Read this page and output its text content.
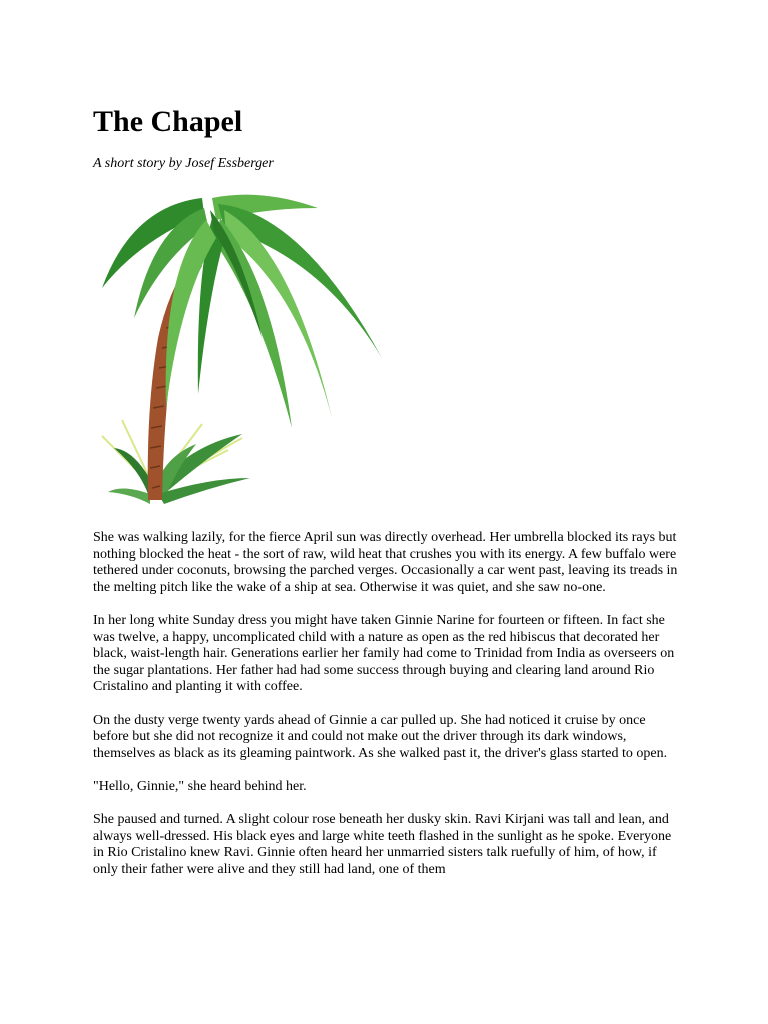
The Chapel
A short story by Josef Essberger

She was walking lazily, for the fierce April sun was directly overhead. Her umbrella blocked its rays but nothing blocked the heat - the sort of raw, wild heat that crushes you with its energy. A few buffalo were tethered under coconuts, browsing the parched verges. Occasionally a car went past, leaving its treads in the melting pitch like the wake of a ship at sea. Otherwise it was quiet, and she saw no-one.

In her long white Sunday dress you might have taken Ginnie Narine for fourteen or fifteen. In fact she was twelve, a happy, uncomplicated child with a nature as open as the red hibiscus that decorated her black, waist-length hair. Generations earlier her family had come to Trinidad from India as overseers on the sugar plantations. Her father had had some success through buying and clearing land around Rio Cristalino and planting it with coffee.

On the dusty verge twenty yards ahead of Ginnie a car pulled up. She had noticed it cruise by once before but she did not recognize it and could not make out the driver through its dark windows, themselves as black as its gleaming paintwork. As she walked past it, the driver's glass started to open.

"Hello, Ginnie," she heard behind her.

She paused and turned. A slight colour rose beneath her dusky skin. Ravi Kirjani was tall and lean, and always well-dressed. His black eyes and large white teeth flashed in the sunlight as he spoke. Everyone in Rio Cristalino knew Ravi. Ginnie often heard her unmarried sisters talk ruefully of him, of how, if only their father were alive and they still had land, one of them
